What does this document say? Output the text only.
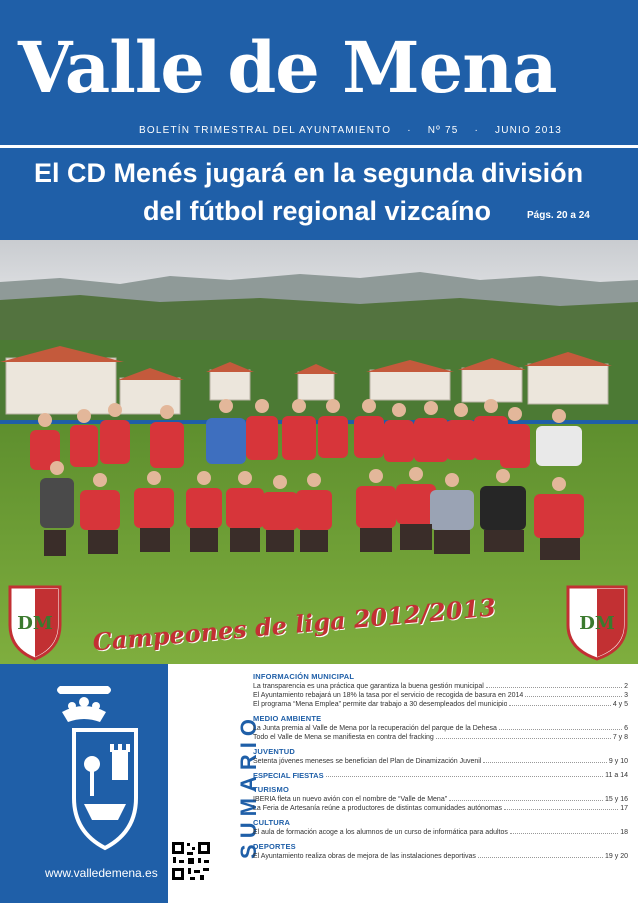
Valle de Mena
BOLETÍN TRIMESTRAL DEL AYUNTAMIENTO · Nº 75 · JUNIO 2013
El CD Menés jugará en la segunda división
del fútbol regional vizcaíno	Págs. 20 a 24
DM	DM
Campeones de liga 2012/2013
www.valledemena.es
SUMARIO
INFORMACIÓN MUNICIPAL
La transparencia es una práctica que garantiza la buena gestión municipal	2
El Ayuntamiento rebajará un 18% la tasa por el servicio de recogida de basura en 2014	3
El programa “Mena Emplea” permite dar trabajo a 30 desempleados del municipio	4 y 5
MEDIO AMBIENTE
La Junta premia al Valle de Mena por la recuperación del parque de la Dehesa	6
Todo el Valle de Mena se manifiesta en contra del fracking	7 y 8
JUVENTUD
Setenta jóvenes meneses se benefician del Plan de Dinamización Juvenil	9 y 10
ESPECIAL FIESTAS	11 a 14
TURISMO
IBERIA fleta un nuevo avión con el nombre de “Valle de Mena”	15 y 16
La Feria de Artesanía reúne a productores de distintas comunidades autónomas	17
CULTURA
El aula de formación acoge a los alumnos de un curso de informática para adultos	18
DEPORTES
El Ayuntamiento realiza obras de mejora de las instalaciones deportivas	19 y 20
